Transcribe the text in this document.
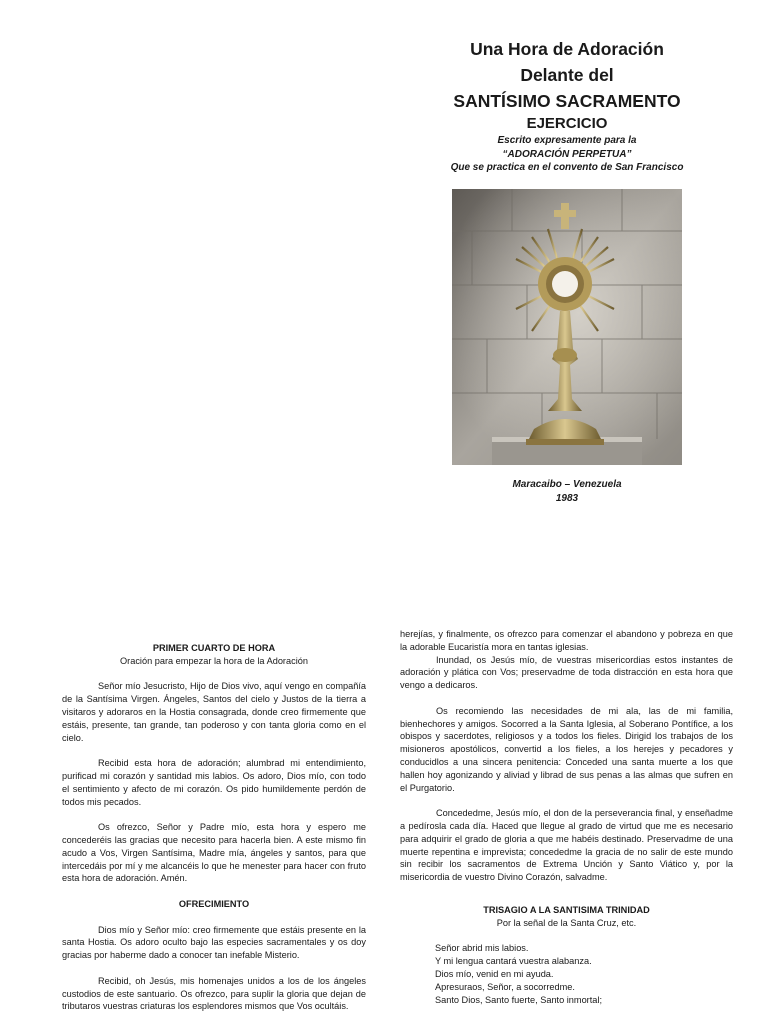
Una Hora de Adoración

Delante del

SANTÍSIMO SACRAMENTO

EJERCICIO

Escrito expresamente para la

“ADORACIÓN PERPETUA”

Que se practica en el convento de San Francisco

Maracaibo – Venezuela
1983
PRIMER CUARTO DE HORA

Oración para empezar la hora de la Adoración

Señor mío Jesucristo, Hijo de Dios vivo, aquí vengo en compañía de la Santísima Virgen. Ángeles, Santos del cielo y Justos de la tierra a visitaros y adoraros en la Hostia consagrada, donde creo firmemente que estáis, presente, tan grande, tan poderoso y con tanta gloria como en el cielo.

Recibid esta hora de adoración; alumbrad mi entendimiento, purificad mi corazón y santidad mis labios. Os adoro, Dios mío, con todo el sentimiento y afecto de mi corazón. Os pido humildemente perdón de todos mis pecados.

Os ofrezco, Señor y Padre mío, esta hora y espero me concederéis las gracias que necesito para hacerla bien. A este mismo fin acudo a Vos, Virgen Santísima, Madre mía, ángeles y santos, para que intercedáis por mí y me alcancéis lo que he menester para hacer con fruto esta hora de adoración. Amén.

OFRECIMIENTO

Dios mío y Señor mío: creo firmemente que estáis presente en la santa Hostia. Os adoro oculto bajo las especies sacramentales y os doy gracias por haberme dado a conocer tan inefable Misterio.

Recibid, oh Jesús, mis homenajes unidos a los de los ángeles custodios de este santuario. Os ofrezco, para suplir la gloria que dejan de tributaros vuestras criaturas los esplendores mismos que Vos ocultáis.

herejías, y finalmente, os ofrezco para comenzar el abandono y pobreza en que la adorable Eucaristía mora en tantas iglesias.

Inundad, os Jesús mío, de vuestras misericordias estos instantes de adoración y plática con Vos; preservadme de toda distracción en esta hora que vengo a dedicaros.

Os recomiendo las necesidades de mi ala, las de mi familia, bienhechores y amigos. Socorred a la Santa Iglesia, al Soberano Pontífice, a los obispos y sacerdotes, religiosos y a todos los fieles. Dirigid los trabajos de los misioneros apostólicos, convertid a los fieles, a los herejes y pecadores y conducidlos a una sincera penitencia: Conceded una santa muerte a los que hallen hoy agonizando y aliviad y librad de sus penas a las almas que sufren en el Purgatorio.

Concededme, Jesús mío, el don de la perseverancia final, y enseñadme a pedírosla cada día. Haced que llegue al grado de virtud que me es necesario para adquirir el grado de gloria a que me habéis destinado. Preservadme de una muerte repentina e imprevista; concededme la gracia de no salir de este mundo sin recibir los sacramentos de Extrema Unción y Santo Viático y, por la misericordia de vuestro Divino Corazón, salvadme.

TRISAGIO A LA SANTISIMA TRINIDAD

Por la señal de la Santa Cruz, etc.

Señor abrid mis labios.
Y mi lengua cantará vuestra alabanza.
Dios mío, venid en mi ayuda.
Apresuraos, Señor, a socorredme.
Santo Dios, Santo fuerte, Santo inmortal;
